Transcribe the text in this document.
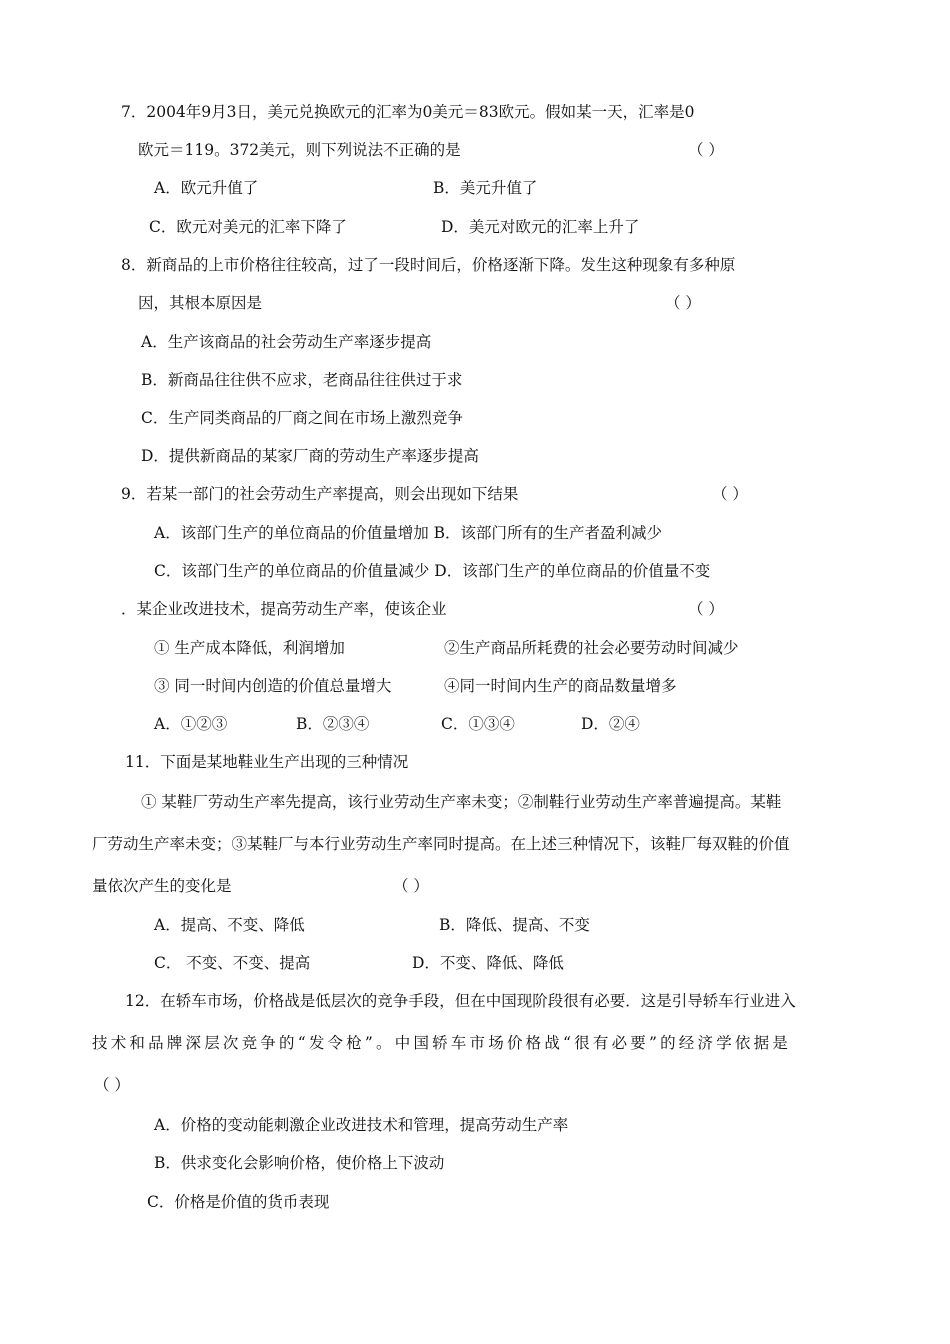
7．2004年9月3日，美元兑换欧元的汇率为0美元＝83欧元。假如某一天，汇率是0
欧元＝119。372美元，则下列说法不正确的是	（ ）
A．欧元升值了	B．美元升值了
C．欧元对美元的汇率下降了	D．美元对欧元的汇率上升了
8．新商品的上市价格往往较高，过了一段时间后，价格逐渐下降。发生这种现象有多种原
因，其根本原因是	（ ）
A．生产该商品的社会劳动生产率逐步提高
B．新商品往往供不应求，老商品往往供过于求
C．生产同类商品的厂商之间在市场上激烈竞争
D．提供新商品的某家厂商的劳动生产率逐步提高
9．若某一部门的社会劳动生产率提高，则会出现如下结果	（ ）
A．该部门生产的单位商品的价值量增加 B．该部门所有的生产者盈利减少
C．该部门生产的单位商品的价值量减少 D．该部门生产的单位商品的价值量不变
．某企业改进技术，提高劳动生产率，使该企业	（ ）
① 生产成本降低，利润增加	②生产商品所耗费的社会必要劳动时间减少
③ 同一时间内创造的价值总量增大	④同一时间内生产的商品数量增多
A．①②③	B．②③④	C．①③④	D．②④
11．下面是某地鞋业生产出现的三种情况
① 某鞋厂劳动生产率先提高，该行业劳动生产率未变；②制鞋行业劳动生产率普遍提高。某鞋
厂劳动生产率未变；③某鞋厂与本行业劳动生产率同时提高。在上述三种情况下，该鞋厂每双鞋的价值
量依次产生的变化是	（ ）
A．提高、不变、降低	B．降低、提高、不变
C． 不变、不变、提高	D．不变、降低、降低
12．在轿车市场，价格战是低层次的竞争手段，但在中国现阶段很有必要．这是引导轿车行业进入
技术和品牌深层次竞争的“发令枪”。中国轿车市场价格战“很有必要”的经济学依据是
（ ）
A．价格的变动能刺激企业改进技术和管理，提高劳动生产率
B．供求变化会影响价格，使价格上下波动
C．价格是价值的货币表现
